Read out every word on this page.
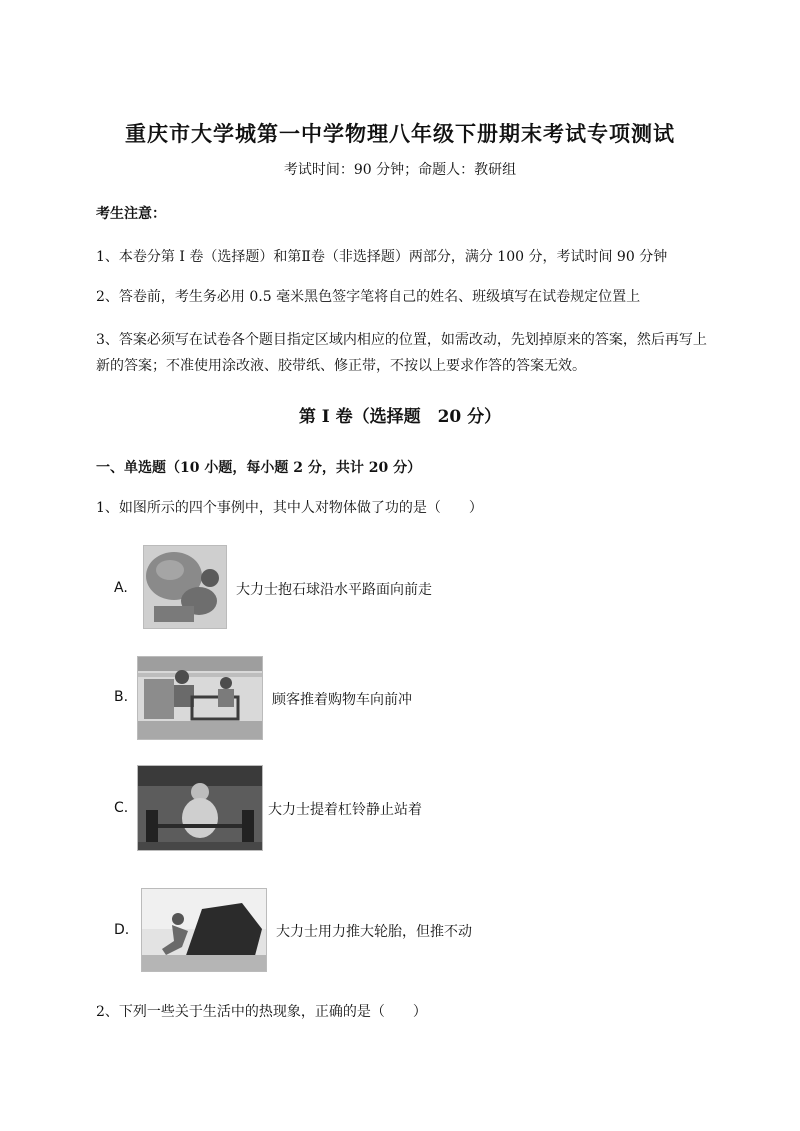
重庆市大学城第一中学物理八年级下册期末考试专项测试
考试时间：90 分钟；命题人：教研组
考生注意：
1、本卷分第 I 卷（选择题）和第Ⅱ卷（非选择题）两部分，满分 100 分，考试时间 90 分钟
2、答卷前，考生务必用 0.5 毫米黑色签字笔将自己的姓名、班级填写在试卷规定位置上
3、答案必须写在试卷各个题目指定区域内相应的位置，如需改动，先划掉原来的答案，然后再写上新的答案；不准使用涂改液、胶带纸、修正带，不按以上要求作答的答案无效。
第 I 卷（选择题　20 分）
一、单选题（10 小题，每小题 2 分，共计 20 分）
1、如图所示的四个事例中，其中人对物体做了功的是（　　）
A.	大力士抱石球沿水平路面向前走
B.	顾客推着购物车向前冲
C.	大力士提着杠铃静止站着
D.	大力士用力推大轮胎，但推不动
2、下列一些关于生活中的热现象，正确的是（　　）
